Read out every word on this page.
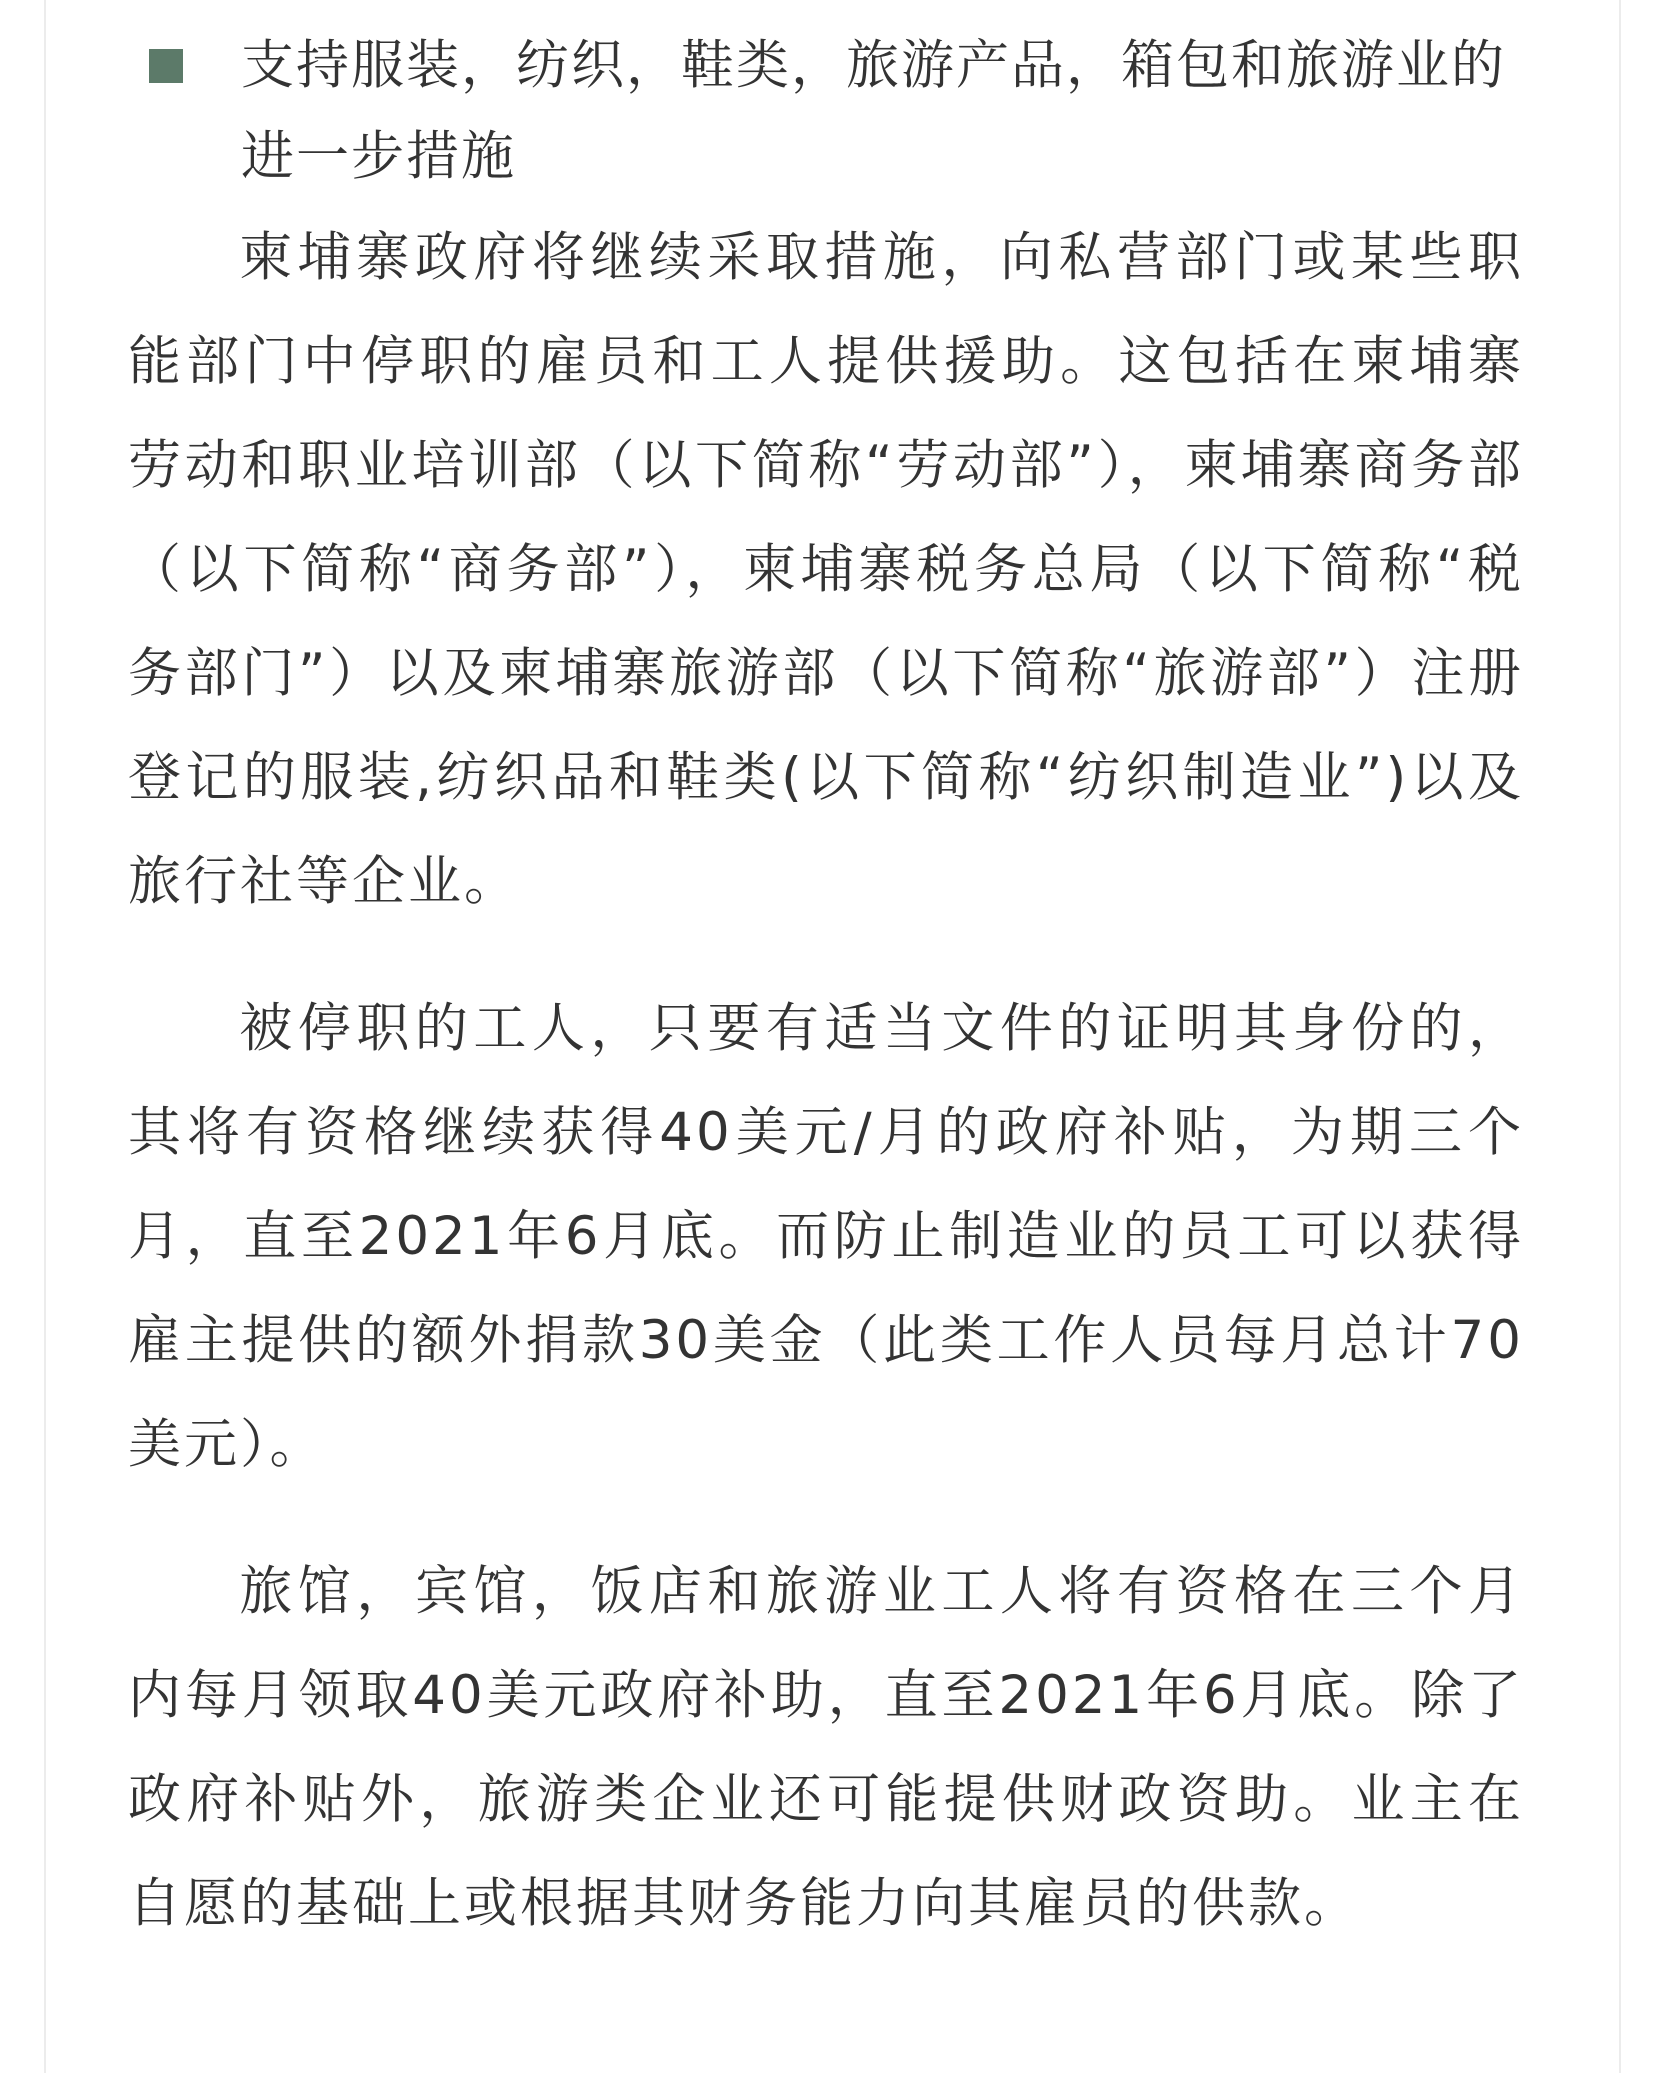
支持服装，纺织，鞋类，旅游产品，箱包和旅游业的进一步措施

柬埔寨政府将继续采取措施，向私营部门或某些职能部门中停职的雇员和工人提供援助。这包括在柬埔寨劳动和职业培训部（以下简称“劳动部”），柬埔寨商务部（以下简称“商务部”），柬埔寨税务总局（以下简称“税务部门”）以及柬埔寨旅游部（以下简称“旅游部”）注册登记的服装,纺织品和鞋类(以下简称“纺织制造业”)以及旅行社等企业。

被停职的工人，只要有适当文件的证明其身份的，其将有资格继续获得40美元/月的政府补贴，为期三个月，直至2021年6月底。而防止制造业的员工可以获得雇主提供的额外捐款30美金（此类工作人员每月总计70美元）。

旅馆，宾馆，饭店和旅游业工人将有资格在三个月内每月领取40美元政府补助，直至2021年6月底。除了政府补贴外，旅游类企业还可能提供财政资助。业主在自愿的基础上或根据其财务能力向其雇员的供款。
